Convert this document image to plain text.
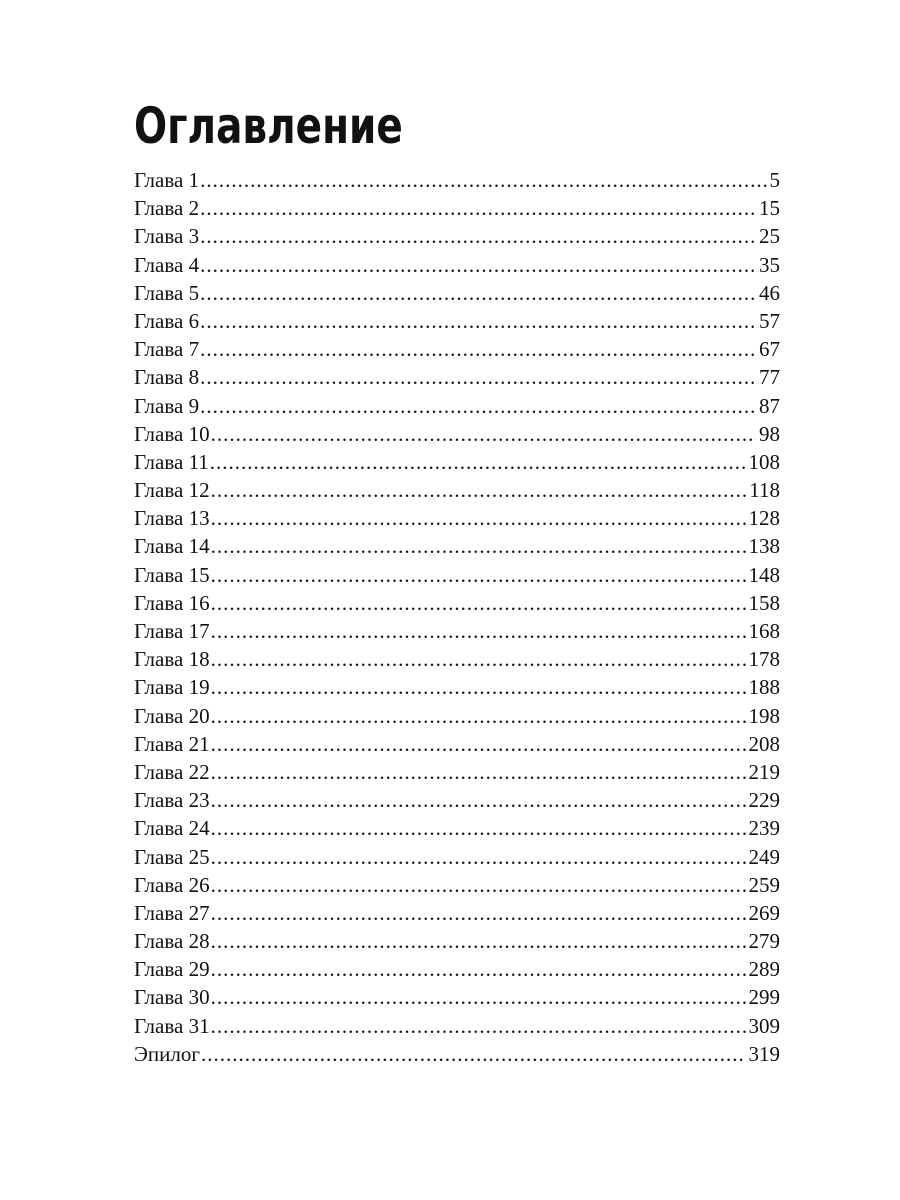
Оглавление
Глава 1 .....	5
Глава 2 .....	15
Глава 3 .....	25
Глава 4 .....	35
Глава 5 .....	46
Глава 6 .....	57
Глава 7 .....	67
Глава 8 .....	77
Глава 9 .....	87
Глава 10 .....	98
Глава 11 .....	108
Глава 12 .....	118
Глава 13 .....	128
Глава 14 .....	138
Глава 15 .....	148
Глава 16 .....	158
Глава 17 .....	168
Глава 18 .....	178
Глава 19 .....	188
Глава 20 .....	198
Глава 21 .....	208
Глава 22 .....	219
Глава 23 .....	229
Глава 24 .....	239
Глава 25 .....	249
Глава 26 .....	259
Глава 27 .....	269
Глава 28 .....	279
Глава 29 .....	289
Глава 30 .....	299
Глава 31 .....	309
Эпилог .....	319
